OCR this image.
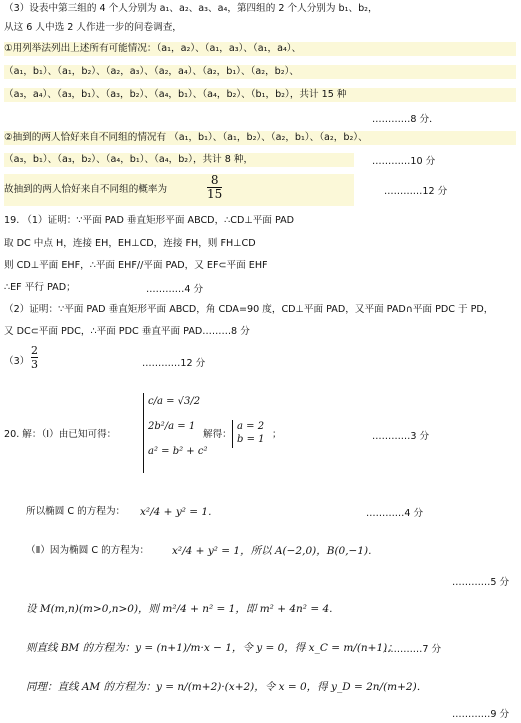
（3）设表中第三组的 4 个人分别为 a₁、a₂、a₃、a₄，第四组的 2 个人分别为 b₁、b₂，
从这 6 人中选 2 人作进一步的问卷调查，
①用列举法列出上述所有可能情况：（a₁，a₂）、（a₁，a₃）、（a₁，a₄）、
（a₁，b₁）、（a₁，b₂）、（a₂，a₃）、（a₂，a₄）、（a₂，b₁）、（a₂，b₂）、
（a₃，a₄）、（a₃，b₁）、（a₃，b₂）、（a₄，b₁）、（a₄，b₂）、（b₁，b₂），共计 15 种
…………8 分．
②抽到的两人恰好来自不同组的情况有 （a₁，b₁）、（a₁，b₂）、（a₂，b₁）、（a₂，b₂）、
（a₃，b₁）、（a₃，b₂）、（a₄，b₁）、（a₄，b₂），共计 8 种，	…………10 分
故抽到的两人恰好来自不同组的概率为	$\frac{8}{15}$	…………12 分
19. （1）证明：∵平面 PAD 垂直矩形平面 ABCD，∴CD⊥平面 PAD
取 DC 中点 H，连接 EH，EH⊥CD，连接 FH，则 FH⊥CD
则 CD⊥平面 EHF，∴平面 EHF//平面 PAD，又 EF⊂平面 EHF
∴EF 平行 PAD；	…………4 分
（2）证明：∵平面 PAD 垂直矩形平面 ABCD，角 CDA=90 度，CD⊥平面 PAD，又平面 PAD∩平面 PDC 于 PD，
又 DC⊂平面 PDC，∴平面 PDC 垂直平面 PAD………8 分
$(3) \frac{2}{3}$	…………12 分
20. 解：（Ⅰ）由已知可得：
c/a = √3/2
2b²/a = 1
a² = b² + c²
解得：
a = 2
b = 1 ；	…………3 分
所以椭圆 C 的方程为： x²/4 + y² = 1.	…………4 分
（Ⅱ）因为椭圆 C 的方程为： x²/4 + y² = 1，所以 A(−2,0)，B(0,−1).
…………5 分
设 M(m,n)(m>0,n>0)，则 m²/4 + n² = 1，即 m² + 4n² = 4.
则直线 BM 的方程为：y = (n+1)/m·x − 1，令 y = 0，得 x_C = m/(n+1)；
…………7 分
同理：直线 AM 的方程为：y = n/(m+2)·(x+2)，令 x = 0，得 y_D = 2n/(m+2)．
…………9 分
